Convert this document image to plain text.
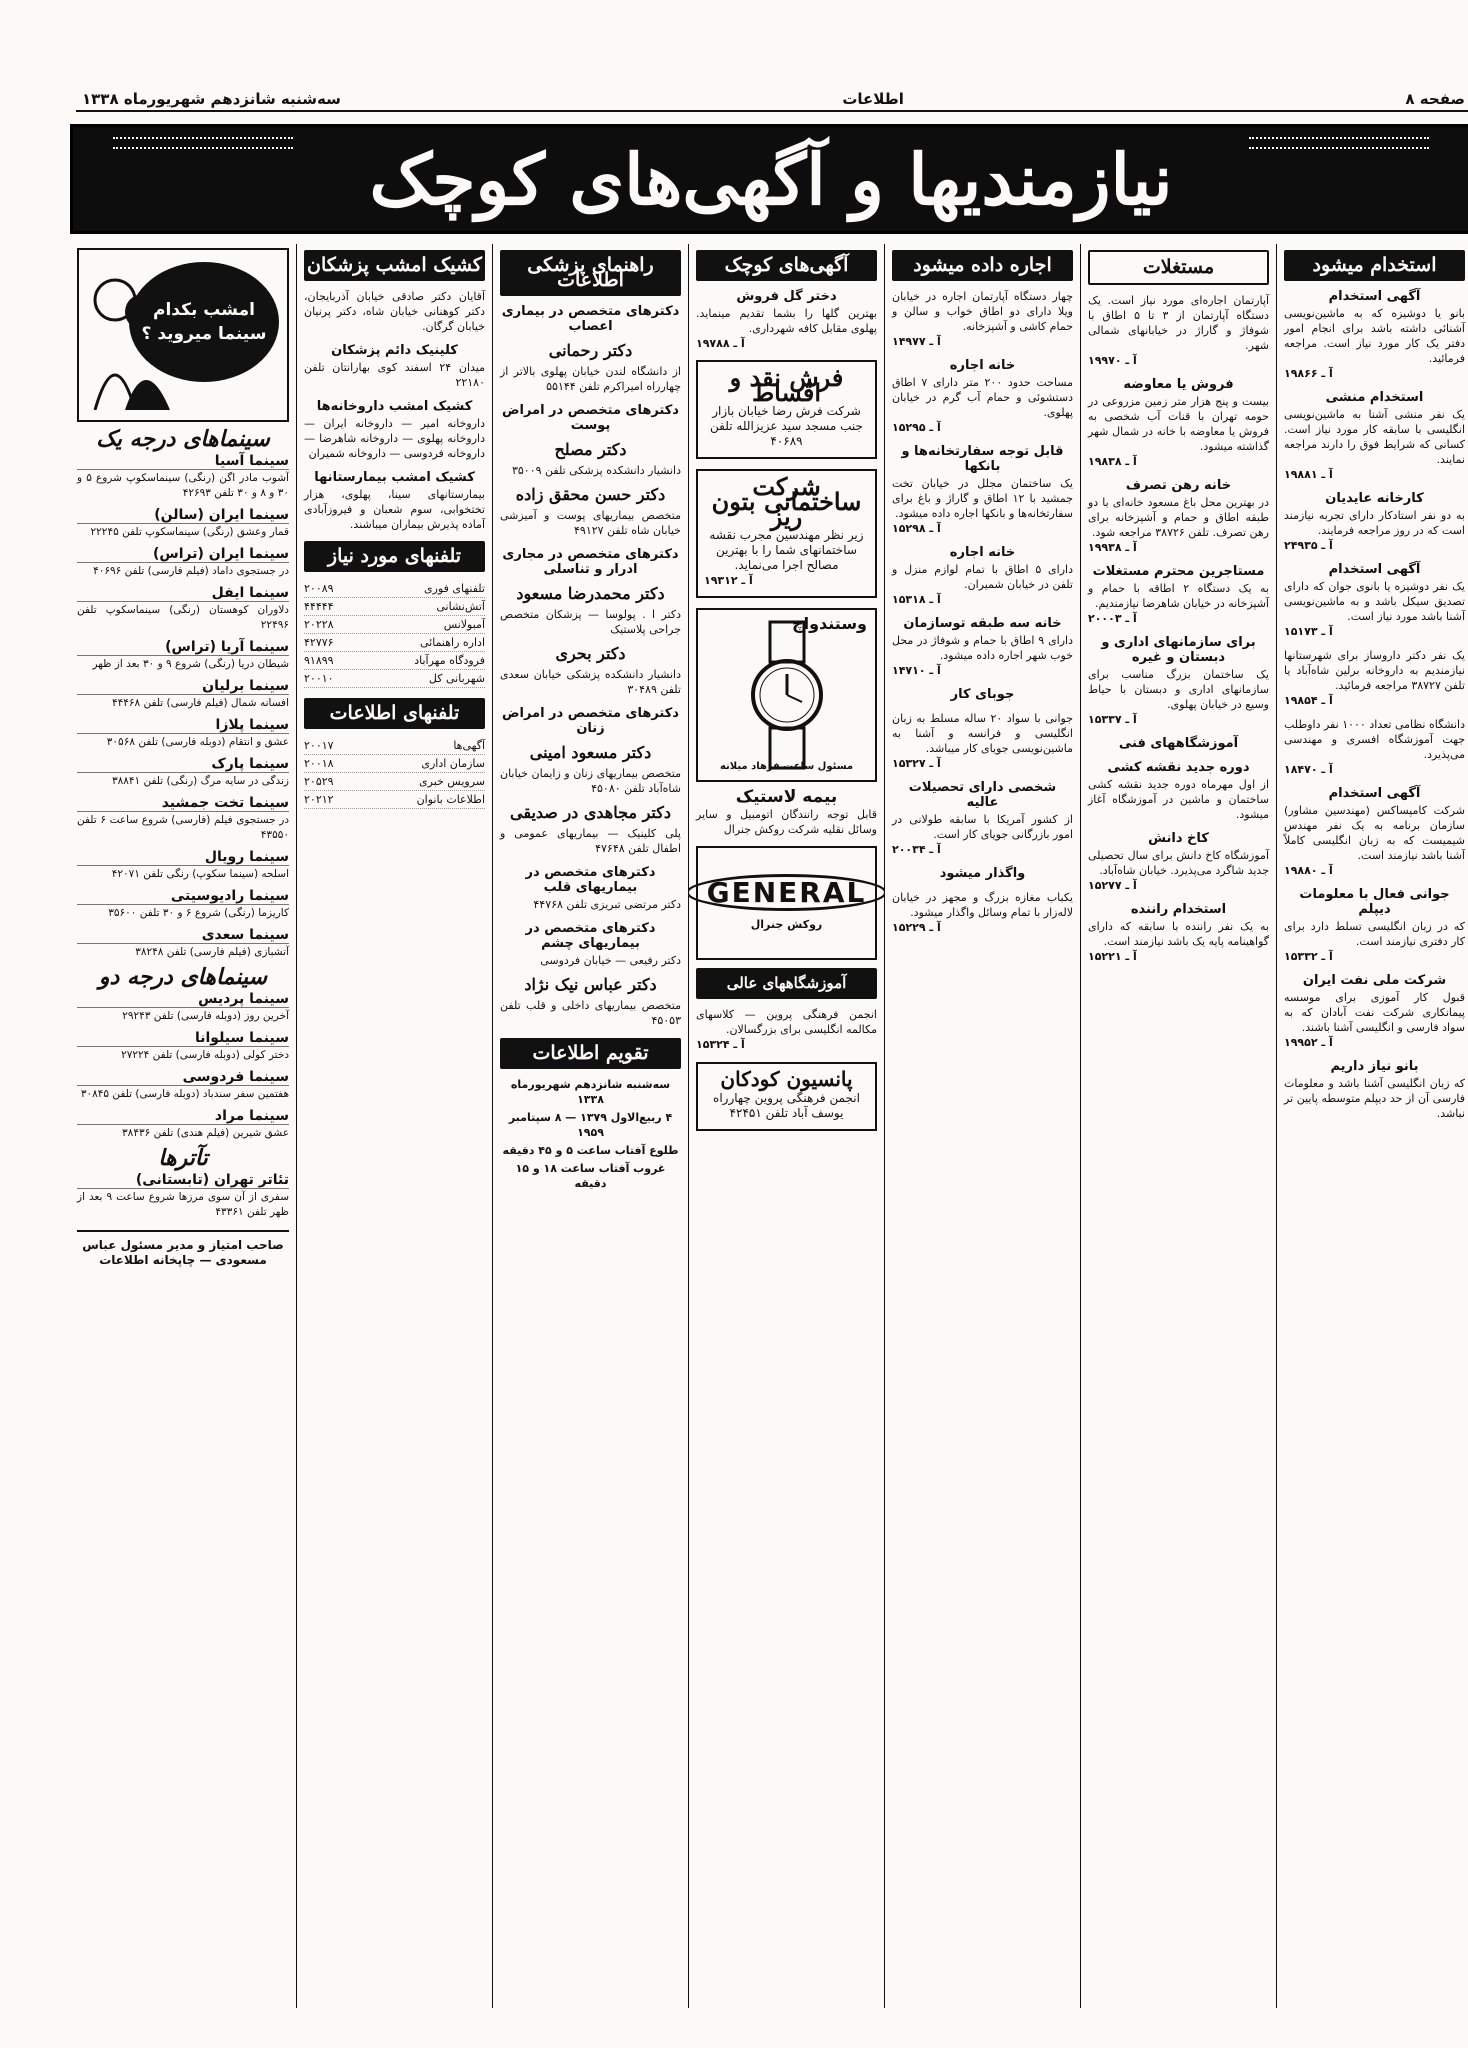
سه‌شنبه شانزدهم شهریورماه ۱۳۳۸	اطلاعات	صفحه ۸
نیازمندیها و آگهی‌های کوچک
استخدام میشود
آگهی استخدام
بانو یا دوشیزه که به ماشین‌نویسی آشنائی داشته باشد برای انجام امور دفتر یک کار مورد نیاز است. مراجعه فرمائید.
آ ـ ۱۹۸۶۶
استخدام منشی
یک نفر منشی آشنا به ماشین‌نویسی انگلیسی با سابقه کار مورد نیاز است. کسانی که شرایط فوق را دارند مراجعه نمایند.
آ ـ ۱۹۸۸۱
کارخانه عایدیان
به دو نفر استادکار دارای تجربه نیازمند است که در روز مراجعه فرمایند.
آ ـ ۲۴۹۳۵
آگهی استخدام
یک نفر دوشیزه یا بانوی جوان که دارای تصدیق سیکل باشد و به ماشین‌نویسی آشنا باشد مورد نیاز است.
آ ـ ۱۵۱۷۳
یک نفر دکتر داروساز برای شهرستانها نیازمندیم به داروخانه برلین شاه‌آباد یا تلفن ۳۸۷۲۷ مراجعه فرمائید.
آ ـ ۱۹۸۵۴
دانشگاه نظامی تعداد ۱۰۰۰ نفر داوطلب جهت آموزشگاه افسری و مهندسی می‌پذیرد.
آ ـ ۱۸۴۷۰
آگهی استخدام
شرکت کامپساکس (مهندسین مشاور) سازمان برنامه به یک نفر مهندس شیمیست که به زبان انگلیسی کاملاً آشنا باشد نیازمند است.
آ ـ ۱۹۸۸۰
جوانی فعال با معلومات دیپلم
که در زبان انگلیسی تسلط دارد برای کار دفتری نیازمند است.
آ ـ ۱۵۳۳۲
شرکت ملی نفت ایران
قبول کار آموزی برای موسسه پیمانکاری شرکت نفت آبادان که به سواد فارسی و انگلیسی آشنا باشند.
آ ـ ۱۹۹۵۲
بانو نیاز داریم
که زبان انگلیسی آشنا باشد و معلومات فارسی آن از حد دیپلم متوسطه پایین تر نباشد.
مستغلات
آپارتمان اجاره‌ای مورد نیاز است. یک دستگاه آپارتمان از ۳ تا ۵ اطاق با شوفاژ و گاراژ در خیابانهای شمالی شهر.
آ ـ ۱۹۹۷۰
فروش یا معاوضه
بیست و پنج هزار متر زمین مزروعی در حومه تهران با قنات آب شخصی به فروش یا معاوضه با خانه در شمال شهر گذاشته میشود.
آ ـ ۱۹۸۳۸
خانه رهن تصرف
در بهترین محل باغ مسعود خانه‌ای با دو طبقه اطاق و حمام و آشپزخانه برای رهن تصرف. تلفن ۳۸۷۲۶ مراجعه شود.
آ ـ ۱۹۹۳۸
مستاجرین محترم مستغلات
به یک دستگاه ۲ اطاقه با حمام و آشپزخانه در خیابان شاهرضا نیازمندیم.
آ ـ ۲۰۰۰۳
برای سازمانهای اداری و دبستان و غیره
یک ساختمان بزرگ مناسب برای سازمانهای اداری و دبستان با حیاط وسیع در خیابان پهلوی.
آ ـ ۱۵۳۳۷
آموزشگاههای فنی
دوره جدید نقشه کشی
از اول مهرماه دوره جدید نقشه کشی ساختمان و ماشین در آموزشگاه آغاز میشود.
کاخ دانش
آموزشگاه کاخ دانش برای سال تحصیلی جدید شاگرد می‌پذیرد. خیابان شاه‌آباد.
آ ـ ۱۵۲۷۷
استخدام راننده
به یک نفر راننده با سابقه که دارای گواهینامه پایه یک باشد نیازمند است.
آ ـ ۱۵۲۲۱
اجاره داده میشود
چهار دستگاه آپارتمان اجاره در خیابان ویلا دارای دو اطاق خواب و سالن و حمام کاشی و آشپزخانه.
آ ـ ۱۴۹۷۷
خانه اجاره
مساحت حدود ۲۰۰ متر دارای ۷ اطاق دستشوئی و حمام آب گرم در خیابان پهلوی.
آ ـ ۱۵۲۹۵
قابل توجه سفارتخانه‌ها و بانکها
یک ساختمان مجلل در خیابان تخت جمشید با ۱۲ اطاق و گاراژ و باغ برای سفارتخانه‌ها و بانکها اجاره داده میشود.
آ ـ ۱۵۲۹۸
خانه اجاره
دارای ۵ اطاق با تمام لوازم منزل و تلفن در خیابان شمیران.
آ ـ ۱۵۳۱۸
خانه سه طبقه توسازمان
دارای ۹ اطاق با حمام و شوفاژ در محل خوب شهر اجاره داده میشود.
آ ـ ۱۴۷۱۰
جوبای کار
جوانی با سواد ۲۰ ساله مسلط به زبان انگلیسی و فرانسه و آشنا به ماشین‌نویسی جویای کار میباشد.
آ ـ ۱۵۳۲۷
شخصی دارای تحصیلات عالیه
از کشور آمریکا با سابقه طولانی در امور بازرگانی جویای کار است.
آ ـ ۲۰۰۳۴
واگذار میشود
یکباب مغازه بزرگ و مجهز در خیابان لاله‌زار با تمام وسائل واگذار میشود.
آ ـ ۱۵۲۲۹
آگهی‌های کوچک
دختر گل فروش
بهترین گلها را بشما تقدیم مینماید. پهلوی مقابل کافه شهرداری.
آ ـ ۱۹۷۸۸
فرش نقد و اقساط
شرکت فرش رضا خیابان بازار جنب مسجد سید عزیزالله تلفن ۴۰۶۸۹
شرکت ساختمانی بتون ریز
زیر نظر مهندسین مجرب نقشه ساختمانهای شما را با بهترین مصالح اجرا می‌نماید.
آ ـ ۱۹۳۱۲
وستندواچ
مسئول ساعت فرهاد میلانه
بیمه لاستیک
قابل توجه رانندگان اتومبیل و سایر وسائل نقلیه شرکت روکش جنرال
GENERAL
روکش جنرال
آموزشگاههای عالی
انجمن فرهنگی پروین — کلاسهای مکالمه انگلیسی برای بزرگسالان.
آ ـ ۱۵۳۲۴
پانسیون کودکان
انجمن فرهنگی پروین چهارراه یوسف آباد تلفن ۴۲۴۵۱
راهنمای پزشکی اطلاعات
دکترهای متخصص در بیماری اعصاب
دکتر رحمانی
از دانشگاه لندن خیابان پهلوی بالاتر از چهارراه امیراکرم تلفن ۵۵۱۴۴
دکترهای متخصص در امراض پوست
دکتر مصلح
دانشیار دانشکده پزشکی تلفن ۳۵۰۰۹
دکتر حسن محقق زاده
متخصص بیماریهای پوست و آمیزشی خیابان شاه تلفن ۴۹۱۲۷
دکترهای متخصص در مجاری ادرار و تناسلی
دکتر محمدرضا مسعود
دکتر ا . پولوسا — پزشکان متخصص جراحی پلاستیک
دکتر بحری
دانشیار دانشکده پزشکی خیابان سعدی تلفن ۳۰۴۸۹
دکترهای متخصص در امراض زنان
دکتر مسعود امینی
متخصص بیماریهای زنان و زایمان خیابان شاه‌آباد تلفن ۴۵۰۸۰
دکتر مجاهدی در صدیقی
پلی کلینیک — بیماریهای عمومی و اطفال تلفن ۴۷۶۴۸
دکترهای متخصص در بیماریهای قلب
دکتر مرتضی تبریزی تلفن ۴۴۷۶۸
دکترهای متخصص در بیماریهای چشم
دکتر رفیعی — خیابان فردوسی
دکتر عباس نیک نژاد
متخصص بیماریهای داخلی و قلب تلفن ۴۵۰۵۳
تقویم اطلاعات
سه‌شنبه شانزدهم شهریورماه ۱۳۳۸
۴ ربیع‌الاول ۱۳۷۹ — ۸ سپتامبر ۱۹۵۹
طلوع آفتاب ساعت ۵ و ۴۵ دقیقه
غروب آفتاب ساعت ۱۸ و ۱۵ دقیقه
کشیک امشب پزشکان
آقایان دکتر صادقی خیابان آذربایجان، دکتر کوهنانی خیابان شاه، دکتر پرنیان خیابان گرگان.
کلینیک دائم پزشکان
میدان ۲۴ اسفند کوی بهارانتان تلفن ۲۲۱۸۰
کشیک امشب داروخانه‌ها
داروخانه امیر — داروخانه ایران — داروخانه پهلوی — داروخانه شاهرضا — داروخانه فردوسی — داروخانه شمیران
کشیک امشب بیمارستانها
بیمارستانهای سینا، پهلوی، هزار تختخوابی، سوم شعبان و فیروزآبادی آماده پذیرش بیماران میباشند.
تلفنهای مورد نیاز
تلفنهای فوری
۲۰۰۸۹
آتش‌نشانی
۴۴۴۴۴
آمبولانس
۲۰۲۲۸
اداره راهنمائی
۴۲۷۷۶
فرودگاه مهرآباد
۹۱۸۹۹
شهربانی کل
۲۰۰۱۰
تلفنهای اطلاعات
آگهی‌ها
۲۰۰۱۷
سازمان اداری
۲۰۰۱۸
سرویس خبری
۲۰۵۲۹
اطلاعات بانوان
۲۰۲۱۲
امشب بکدام سینما میروید ؟
سینماهای درجه یک
سینما آسیا
آشوب مادر اگن (رنگی) سینماسکوپ شروع ۵ و ۳۰ و ۸ و ۳۰ تلفن ۴۲۶۹۳
سینما ایران (سالن)
قمار وعشق (رنگی) سینماسکوپ تلفن ۲۲۲۴۵
سینما ایران (تراس)
در جستجوی داماد (فیلم فارسی) تلفن ۴۰۶۹۶
سینما ایفل
دلاوران کوهستان (رنگی) سینماسکوپ تلفن ۲۲۴۹۶
سینما آریا (تراس)
شیطان دریا (رنگی) شروع ۹ و ۳۰ بعد از ظهر
سینما برلیان
افسانه شمال (فیلم فارسی) تلفن ۴۴۴۶۸
سینما پلازا
عشق و انتقام (دوبله فارسی) تلفن ۳۰۵۶۸
سینما پارک
زندگی در سایه مرگ (رنگی) تلفن ۳۸۸۴۱
سینما تخت جمشید
در جستجوی فیلم (فارسی) شروع ساعت ۶ تلفن ۴۳۵۵۰
سینما رویال
اسلحه (سینما سکوپ) رنگی تلفن ۴۲۰۷۱
سینما رادیوسیتی
کاریزما (رنگی) شروع ۶ و ۳۰ تلفن ۳۵۶۰۰
سینما سعدی
آتشبازی (فیلم فارسی) تلفن ۳۸۲۴۸
سینماهای درجه دو
سینما پردیس
آخرین روز (دوبله فارسی) تلفن ۲۹۲۴۳
سینما سیلوانا
دختر کولی (دوبله فارسی) تلفن ۲۷۲۲۴
سینما فردوسی
هفتمین سفر سندباد (دوبله فارسی) تلفن ۳۰۸۴۵
سینما مراد
عشق شیرین (فیلم هندی) تلفن ۳۸۴۳۶
تآترها
تئاتر تهران (تابستانی)
سفری از آن سوی مرزها شروع ساعت ۹ بعد از ظهر تلفن ۴۳۳۶۱
صاحب امتیاز و مدیر مسئول عباس مسعودی — چاپخانه اطلاعات
